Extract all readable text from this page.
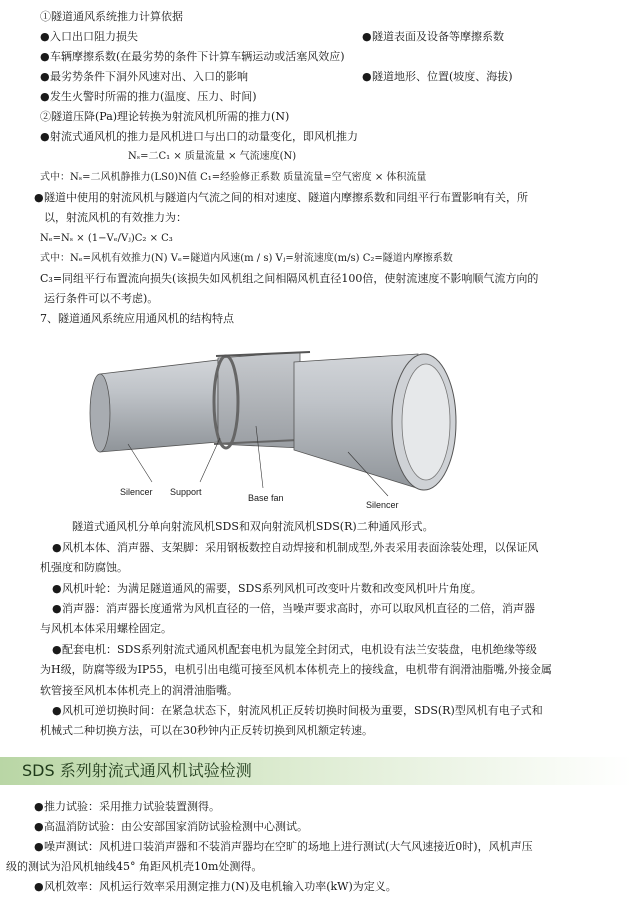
①隧道通风系统推力计算依据
●入口出口阻力损失	●隧道表面及设备等摩擦系数
●车辆摩擦系数(在最劣势的条件下计算车辆运动或活塞风效应)
●最劣势条件下洞外风速对出、入口的影响	●隧道地形、位置(坡度、海拔)
●发生火警时所需的推力(温度、压力、时间)
②隧道压降(Pa)理论转换为射流风机所需的推力(N)
●射流式通风机的推力是风机进口与出口的动量变化，即风机推力
Nₛ=二C₁ × 质量流量 × 气流速度(N)
式中：Nₛ=二风机静推力(LS0)N值 C₁=经验修正系数 质量流量=空气密度 × 体积流量
●隧道中使用的射流风机与隧道内气流之间的相对速度、隧道内摩擦系数和同组平行布置影响有关，所
以，射流风机的有效推力为：
Nₑ=Nₛ × (1−Vₑ/Vⱼ)C₂ × C₃
式中：Nₑ=风机有效推力(N) Vₑ=隧道内风速(m / s) Vⱼ=射流速度(m/s) C₂=隧道内摩擦系数
C₃=同组平行布置流向损失(该损失如风机组之间相隔风机直径100倍，使射流速度不影响顺气流方向的
运行条件可以不考虑)。
7、隧道通风系统应用通风机的结构特点
Silencer Support
Base fan
Silencer
隧道式通风机分单向射流风机SDS和双向射流风机SDS(R)二种通风形式。
●风机本体、消声器、支架脚：采用钢板数控自动焊接和机制成型,外表采用表面涂装处理，以保证风
机强度和防腐蚀。
●风机叶轮：为满足隧道通风的需要，SDS系列风机可改变叶片数和改变风机叶片角度。
●消声器：消声器长度通常为风机直径的一倍，当噪声要求高时，亦可以取风机直径的二倍，消声器
与风机本体采用螺栓固定。
●配套电机：SDS系列射流式通风机配套电机为鼠笼全封闭式，电机设有法兰安装盘，电机绝缘等级
为H级，防腐等级为IP55，电机引出电缆可接至风机本体机壳上的接线盒，电机带有润滑油脂嘴,外接金属
软管接至风机本体机壳上的润滑油脂嘴。
●风机可逆切换时间：在紧急状态下，射流风机正反转切换时间极为重要，SDS(R)型风机有电子式和
机械式二种切换方法，可以在30秒钟内正反转切换到风机额定转速。
SDS 系列射流式通风机试验检测
●推力试验：采用推力试验装置测得。
●高温消防试验：由公安部国家消防试验检测中心测试。
●噪声测试：风机进口装消声器和不装消声器均在空旷的场地上进行测试(大气风速接近0时)，风机声压
级的测试为沿风机轴线45° 角距风机壳10m处测得。
●风机效率：风机运行效率采用测定推力(N)及电机输入功率(kW)为定义。
